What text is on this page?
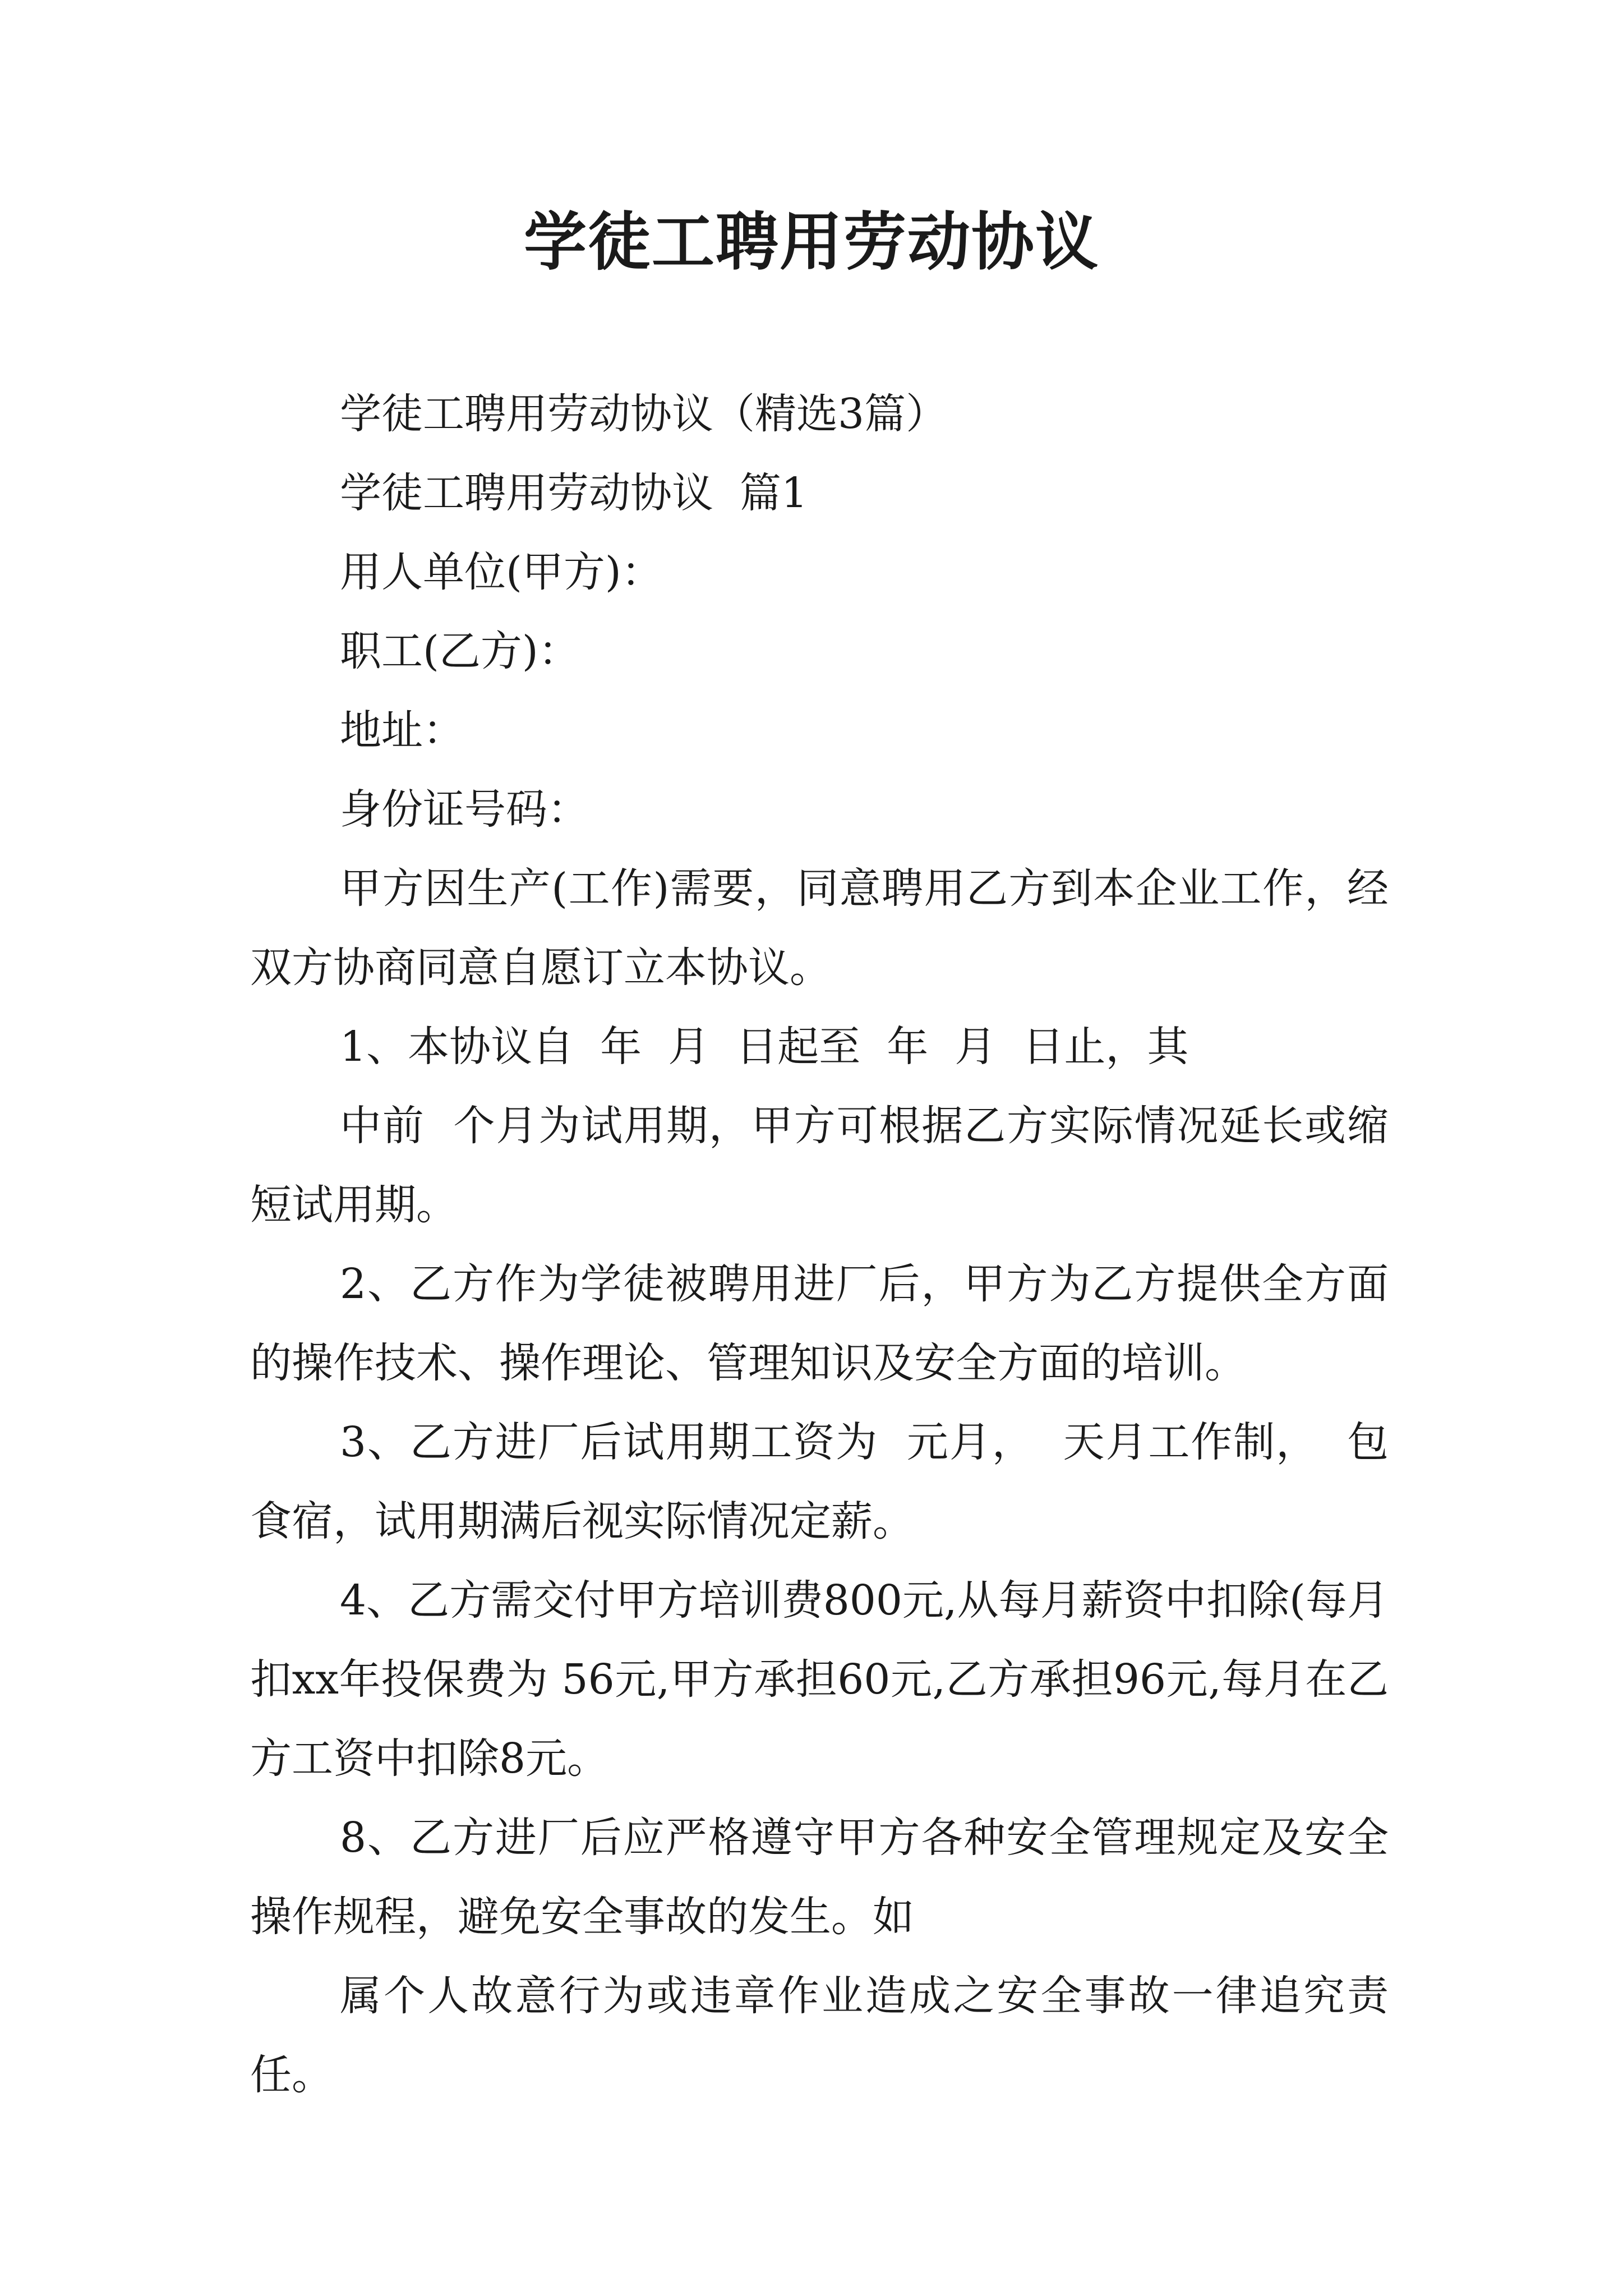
学徒工聘用劳动协议

学徒工聘用劳动协议（精选3篇）

学徒工聘用劳动协议  篇1

用人单位(甲方)：

职工(乙方)：

地址：

身份证号码：

甲方因生产(工作)需要，同意聘用乙方到本企业工作，经双方协商同意自愿订立本协议。

1、本协议自  年  月  日起至  年  月  日止，其

中前  个月为试用期，甲方可根据乙方实际情况延长或缩短试用期。

2、乙方作为学徒被聘用进厂后，甲方为乙方提供全方面的操作技术、操作理论、管理知识及安全方面的培训。

3、乙方进厂后试用期工资为  元月，  天月工作制，  包食宿，试用期满后视实际情况定薪。

4、乙方需交付甲方培训费800元,从每月薪资中扣除(每月扣xx年投保费为 56元,甲方承担60元,乙方承担96元,每月在乙方工资中扣除8元。

8、乙方进厂后应严格遵守甲方各种安全管理规定及安全操作规程，避免安全事故的发生。如

属个人故意行为或违章作业造成之安全事故一律追究责任。
